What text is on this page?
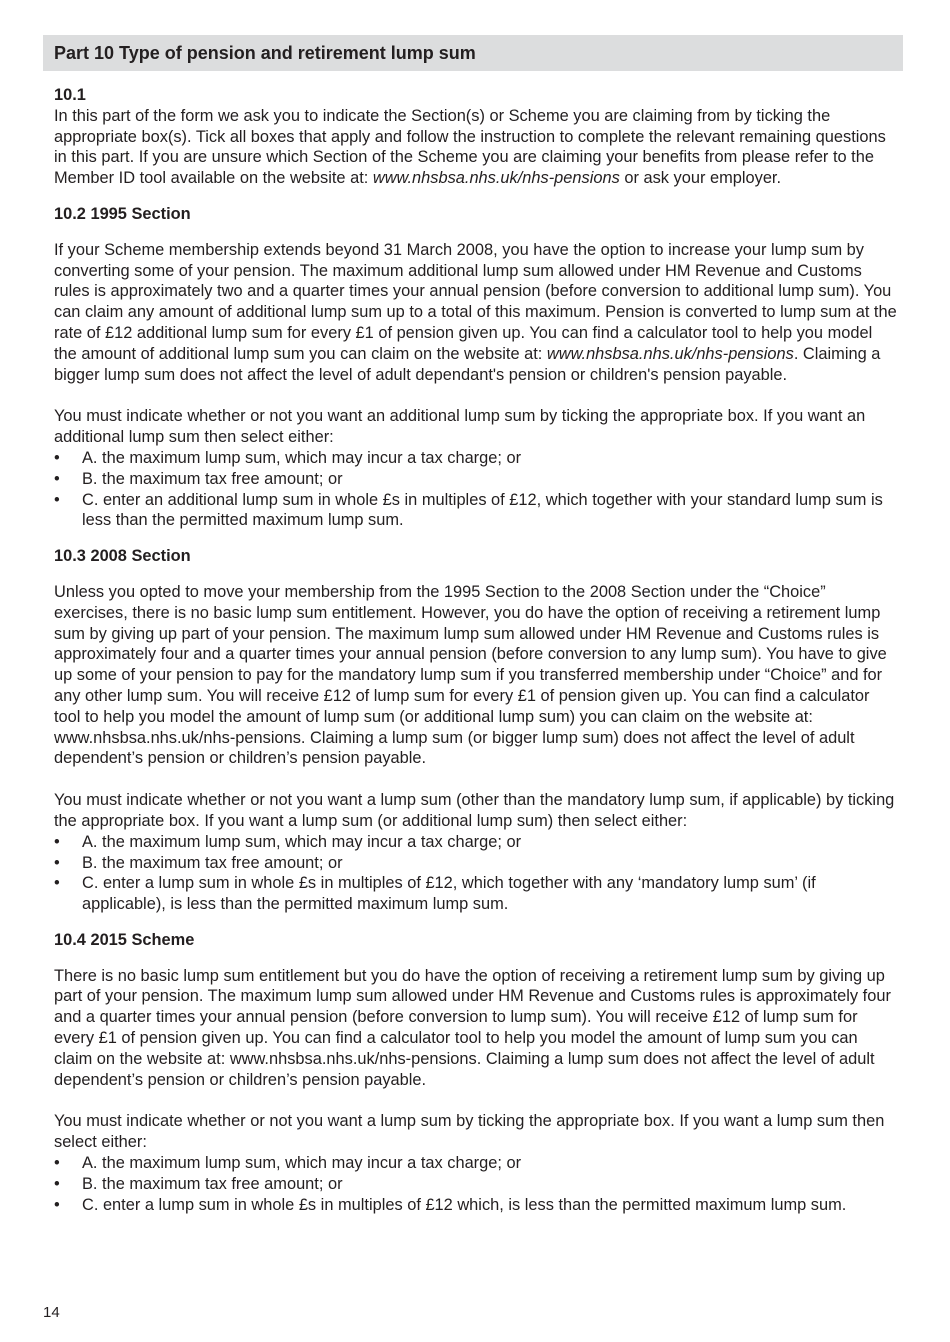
Part 10 Type of pension and retirement lump sum
10.1
In this part of the form we ask you to indicate the Section(s) or Scheme you are claiming from by ticking the appropriate box(s). Tick all boxes that apply and follow the instruction to complete the relevant remaining questions in this part. If you are unsure which Section of the Scheme you are claiming your benefits from please refer to the Member ID tool available on the website at: www.nhsbsa.nhs.uk/nhs-pensions or ask your employer.
10.2 1995 Section
If your Scheme membership extends beyond 31 March 2008, you have the option to increase your lump sum by converting some of your pension. The maximum additional lump sum allowed under HM Revenue and Customs rules is approximately two and a quarter times your annual pension (before conversion to additional lump sum). You can claim any amount of additional lump sum up to a total of this maximum. Pension is converted to lump sum at the rate of £12 additional lump sum for every £1 of pension given up. You can find a calculator tool to help you model the amount of additional lump sum you can claim on the website at: www.nhsbsa.nhs.uk/nhs-pensions. Claiming a bigger lump sum does not affect the level of adult dependant's pension or children's pension payable.
You must indicate whether or not you want an additional lump sum by ticking the appropriate box. If you want an additional lump sum then select either:
• A. the maximum lump sum, which may incur a tax charge; or
• B. the maximum tax free amount; or
• C. enter an additional lump sum in whole £s in multiples of £12, which together with your standard lump sum is less than the permitted maximum lump sum.
10.3 2008 Section
Unless you opted to move your membership from the 1995 Section to the 2008 Section under the “Choice” exercises, there is no basic lump sum entitlement. However, you do have the option of receiving a retirement lump sum by giving up part of your pension. The maximum lump sum allowed under HM Revenue and Customs rules is approximately four and a quarter times your annual pension (before conversion to any lump sum). You have to give up some of your pension to pay for the mandatory lump sum if you transferred membership under “Choice” and for any other lump sum. You will receive £12 of lump sum for every £1 of pension given up. You can find a calculator tool to help you model the amount of lump sum (or additional lump sum) you can claim on the website at: www.nhsbsa.nhs.uk/nhs-pensions. Claiming a lump sum (or bigger lump sum) does not affect the level of adult dependent’s pension or children’s pension payable.
You must indicate whether or not you want a lump sum (other than the mandatory lump sum, if applicable) by ticking the appropriate box. If you want a lump sum (or additional lump sum) then select either:
• A. the maximum lump sum, which may incur a tax charge; or
• B. the maximum tax free amount; or
• C. enter a lump sum in whole £s in multiples of £12, which together with any ‘mandatory lump sum’ (if applicable), is less than the permitted maximum lump sum.
10.4 2015 Scheme
There is no basic lump sum entitlement but you do have the option of receiving a retirement lump sum by giving up part of your pension. The maximum lump sum allowed under HM Revenue and Customs rules is approximately four and a quarter times your annual pension (before conversion to lump sum). You will receive £12 of lump sum for every £1 of pension given up. You can find a calculator tool to help you model the amount of lump sum you can claim on the website at: www.nhsbsa.nhs.uk/nhs-pensions. Claiming a lump sum does not affect the level of adult dependent’s pension or children’s pension payable.
You must indicate whether or not you want a lump sum by ticking the appropriate box. If you want a lump sum then select either:
• A. the maximum lump sum, which may incur a tax charge; or
• B. the maximum tax free amount; or
• C. enter a lump sum in whole £s in multiples of £12 which, is less than the permitted maximum lump sum.
14
